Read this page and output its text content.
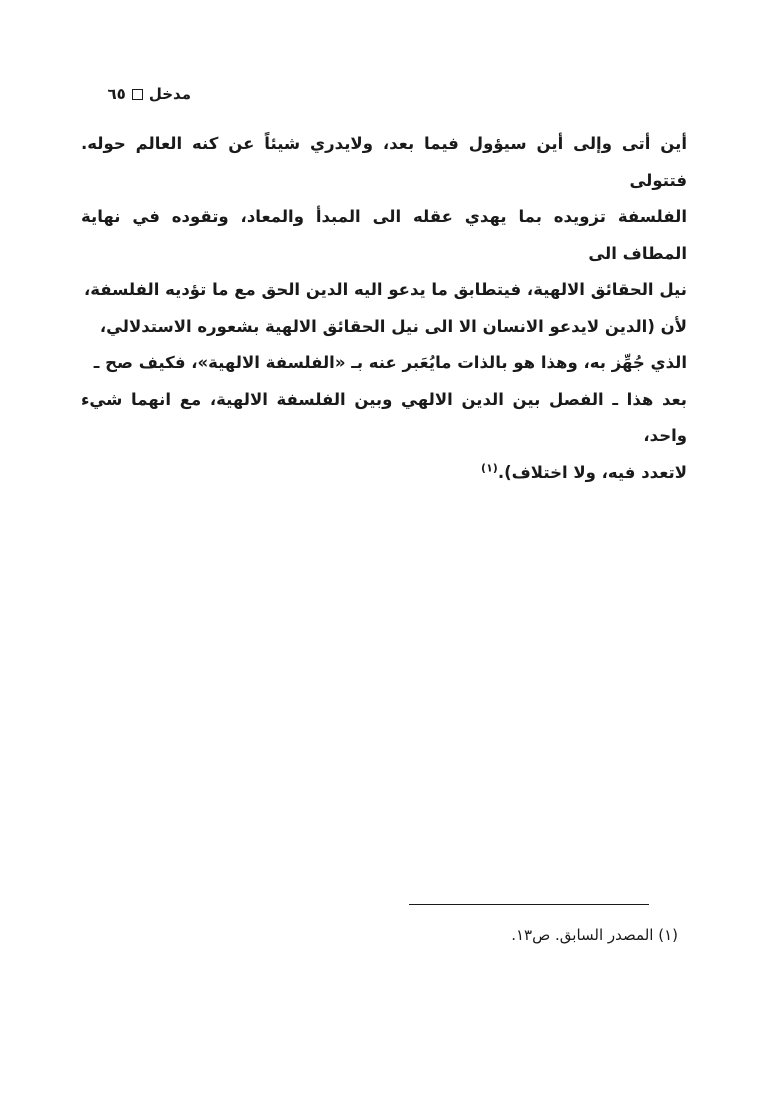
مدخل
٦٥

أين أتى وإلى أين سيؤول فيما بعد، ولايدري شيئاً عن كنه العالم حوله. فتتولى

الفلسفة تزويده بما يهدي عقله الى المبدأ والمعاد، وتقوده في نهاية المطاف الى

نيل الحقائق الالهية، فيتطابق ما يدعو اليه الدين الحق مع ما تؤديه الفلسفة،

لأن (الدين لايدعو الانسان الا الى نيل الحقائق الالهية بشعوره الاستدلالي،

الذي جُهِّز به، وهذا هو بالذات مايُعَبر عنه بـ «الفلسفة الالهية»، فكيف صح ـ

بعد هذا ـ الفصل بين الدين الالهي وبين الفلسفة الالهية، مع انهما شيء واحد،

لاتعدد فيه، ولا اختلاف).$^{(١)}$

(١) المصدر السابق. ص١٣.
